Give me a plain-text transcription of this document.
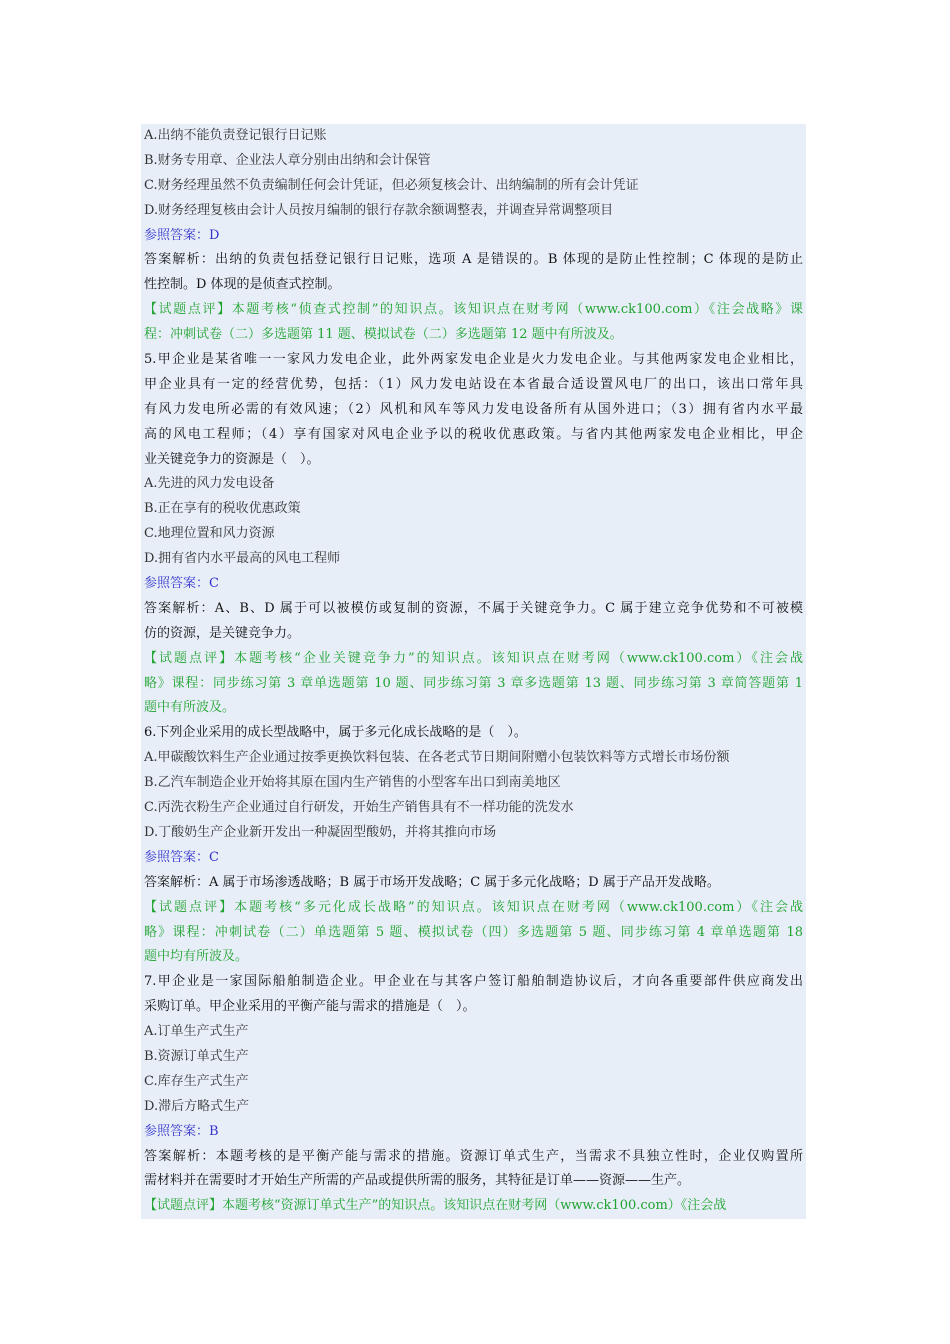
A.出纳不能负责登记银行日记账
B.财务专用章、企业法人章分别由出纳和会计保管
C.财务经理虽然不负责编制任何会计凭证，但必须复核会计、出纳编制的所有会计凭证
D.财务经理复核由会计人员按月编制的银行存款余额调整表，并调查异常调整项目
参照答案：D
答案解析：出纳的负责包括登记银行日记账，选项 A 是错误的。B 体现的是防止性控制；C 体现的是防止
性控制。D 体现的是侦查式控制。
【试题点评】本题考核“侦查式控制”的知识点。该知识点在财考网（www.ck100.com）《注会战略》课
程：冲刺试卷（二）多选题第 11 题、模拟试卷（二）多选题第 12 题中有所波及。
5.甲企业是某省唯一一家风力发电企业，此外两家发电企业是火力发电企业。与其他两家发电企业相比，
甲企业具有一定的经营优势，包括：（1）风力发电站设在本省最合适设置风电厂的出口，该出口常年具
有风力发电所必需的有效风速；（2）风机和风车等风力发电设备所有从国外进口；（3）拥有省内水平最
高的风电工程师；（4）享有国家对风电企业予以的税收优惠政策。与省内其他两家发电企业相比，甲企
业关键竞争力的资源是（　）。
A.先进的风力发电设备
B.正在享有的税收优惠政策
C.地理位置和风力资源
D.拥有省内水平最高的风电工程师
参照答案：C
答案解析：A、B、D 属于可以被模仿或复制的资源，不属于关键竞争力。C 属于建立竞争优势和不可被模
仿的资源，是关键竞争力。
【试题点评】本题考核“企业关键竞争力”的知识点。该知识点在财考网（www.ck100.com）《注会战
略》课程：同步练习第 3 章单选题第 10 题、同步练习第 3 章多选题第 13 题、同步练习第 3 章简答题第 1
题中有所波及。
6.下列企业采用的成长型战略中，属于多元化成长战略的是（　）。
A.甲碳酸饮料生产企业通过按季更换饮料包装、在各老式节日期间附赠小包装饮料等方式增长市场份额
B.乙汽车制造企业开始将其原在国内生产销售的小型客车出口到南美地区
C.丙洗衣粉生产企业通过自行研发，开始生产销售具有不一样功能的洗发水
D.丁酸奶生产企业新开发出一种凝固型酸奶，并将其推向市场
参照答案：C
答案解析：A 属于市场渗透战略；B 属于市场开发战略；C 属于多元化战略；D 属于产品开发战略。
【试题点评】本题考核“多元化成长战略”的知识点。该知识点在财考网（www.ck100.com）《注会战
略》课程：冲刺试卷（二）单选题第 5 题、模拟试卷（四）多选题第 5 题、同步练习第 4 章单选题第 18
题中均有所波及。
7.甲企业是一家国际船舶制造企业。甲企业在与其客户签订船舶制造协议后，才向各重要部件供应商发出
采购订单。甲企业采用的平衡产能与需求的措施是（　）。
A.订单生产式生产
B.资源订单式生产
C.库存生产式生产
D.滞后方略式生产
参照答案：B
答案解析：本题考核的是平衡产能与需求的措施。资源订单式生产，当需求不具独立性时，企业仅购置所
需材料并在需要时才开始生产所需的产品或提供所需的服务，其特征是订单——资源——生产。
【试题点评】本题考核“资源订单式生产”的知识点。该知识点在财考网（www.ck100.com）《注会战
